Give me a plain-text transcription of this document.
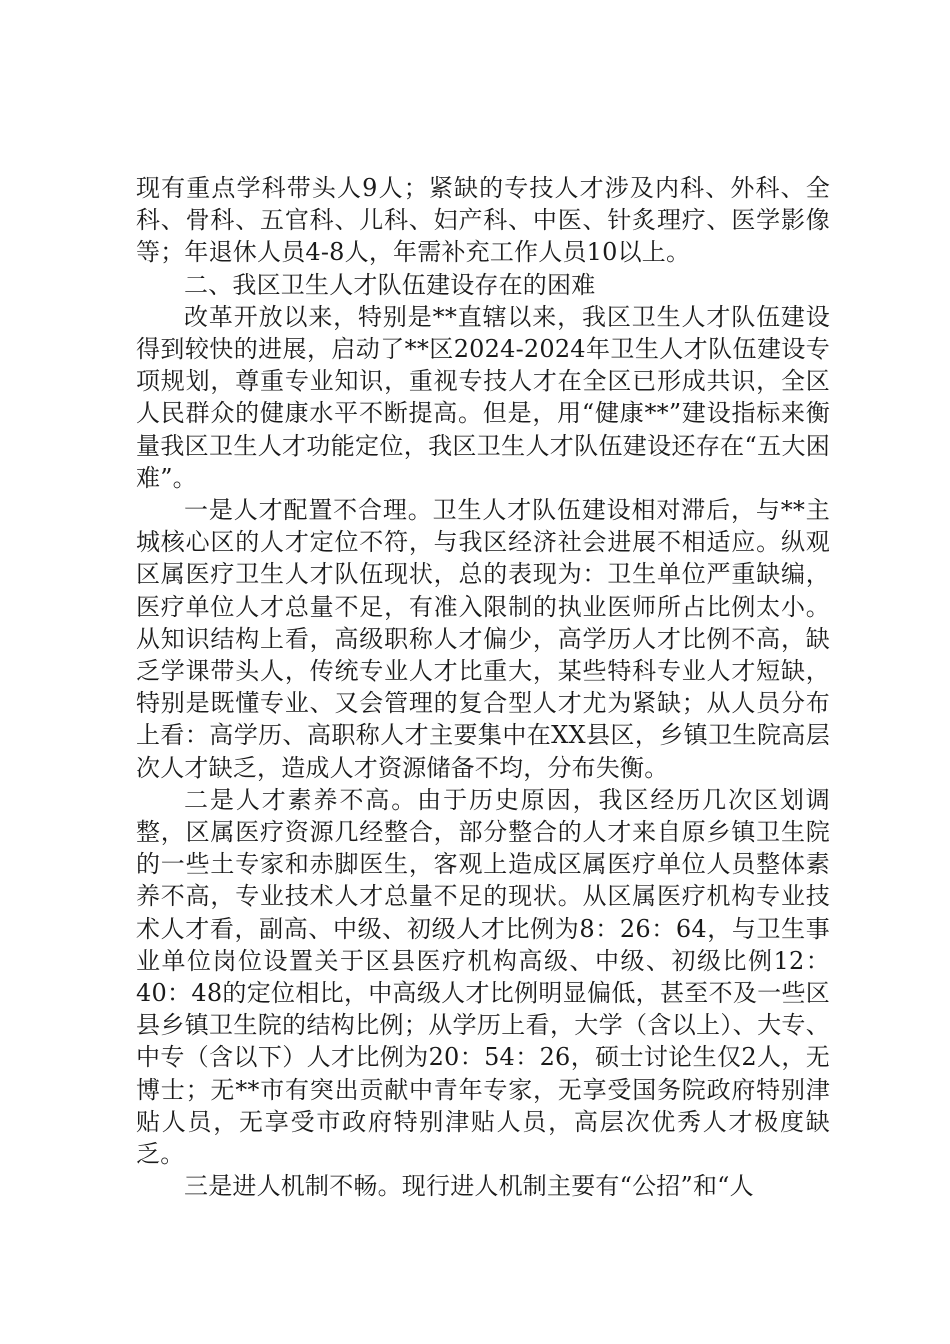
现有重点学科带头人9人；紧缺的专技人才涉及内科、外科、全科、骨科、五官科、儿科、妇产科、中医、针炙理疗、医学影像等；年退休人员4-8人，年需补充工作人员10以上。

二、我区卫生人才队伍建设存在的困难

改革开放以来，特别是**直辖以来，我区卫生人才队伍建设得到较快的进展，启动了**区2024-2024年卫生人才队伍建设专项规划，尊重专业知识，重视专技人才在全区已形成共识，全区人民群众的健康水平不断提高。但是，用“健康**”建设指标来衡量我区卫生人才功能定位，我区卫生人才队伍建设还存在“五大困难”。

一是人才配置不合理。卫生人才队伍建设相对滞后，与**主城核心区的人才定位不符，与我区经济社会进展不相适应。纵观区属医疗卫生人才队伍现状，总的表现为：卫生单位严重缺编，医疗单位人才总量不足，有准入限制的执业医师所占比例太小。从知识结构上看，高级职称人才偏少，高学历人才比例不高，缺乏学课带头人，传统专业人才比重大，某些特科专业人才短缺，特别是既懂专业、又会管理的复合型人才尤为紧缺；从人员分布上看：高学历、高职称人才主要集中在XX县区，乡镇卫生院高层次人才缺乏，造成人才资源储备不均，分布失衡。

二是人才素养不高。由于历史原因，我区经历几次区划调整，区属医疗资源几经整合，部分整合的人才来自原乡镇卫生院的一些土专家和赤脚医生，客观上造成区属医疗单位人员整体素养不高，专业技术人才总量不足的现状。从区属医疗机构专业技术人才看，副高、中级、初级人才比例为8：26：64，与卫生事业单位岗位设置关于区县医疗机构高级、中级、初级比例12：40：48的定位相比，中高级人才比例明显偏低，甚至不及一些区县乡镇卫生院的结构比例；从学历上看，大学（含以上）、大专、中专（含以下）人才比例为20：54：26，硕士讨论生仅2人，无博士；无**市有突出贡献中青年专家，无享受国务院政府特别津贴人员，无享受市政府特别津贴人员，高层次优秀人才极度缺乏。

三是进人机制不畅。现行进人机制主要有“公招”和“人
